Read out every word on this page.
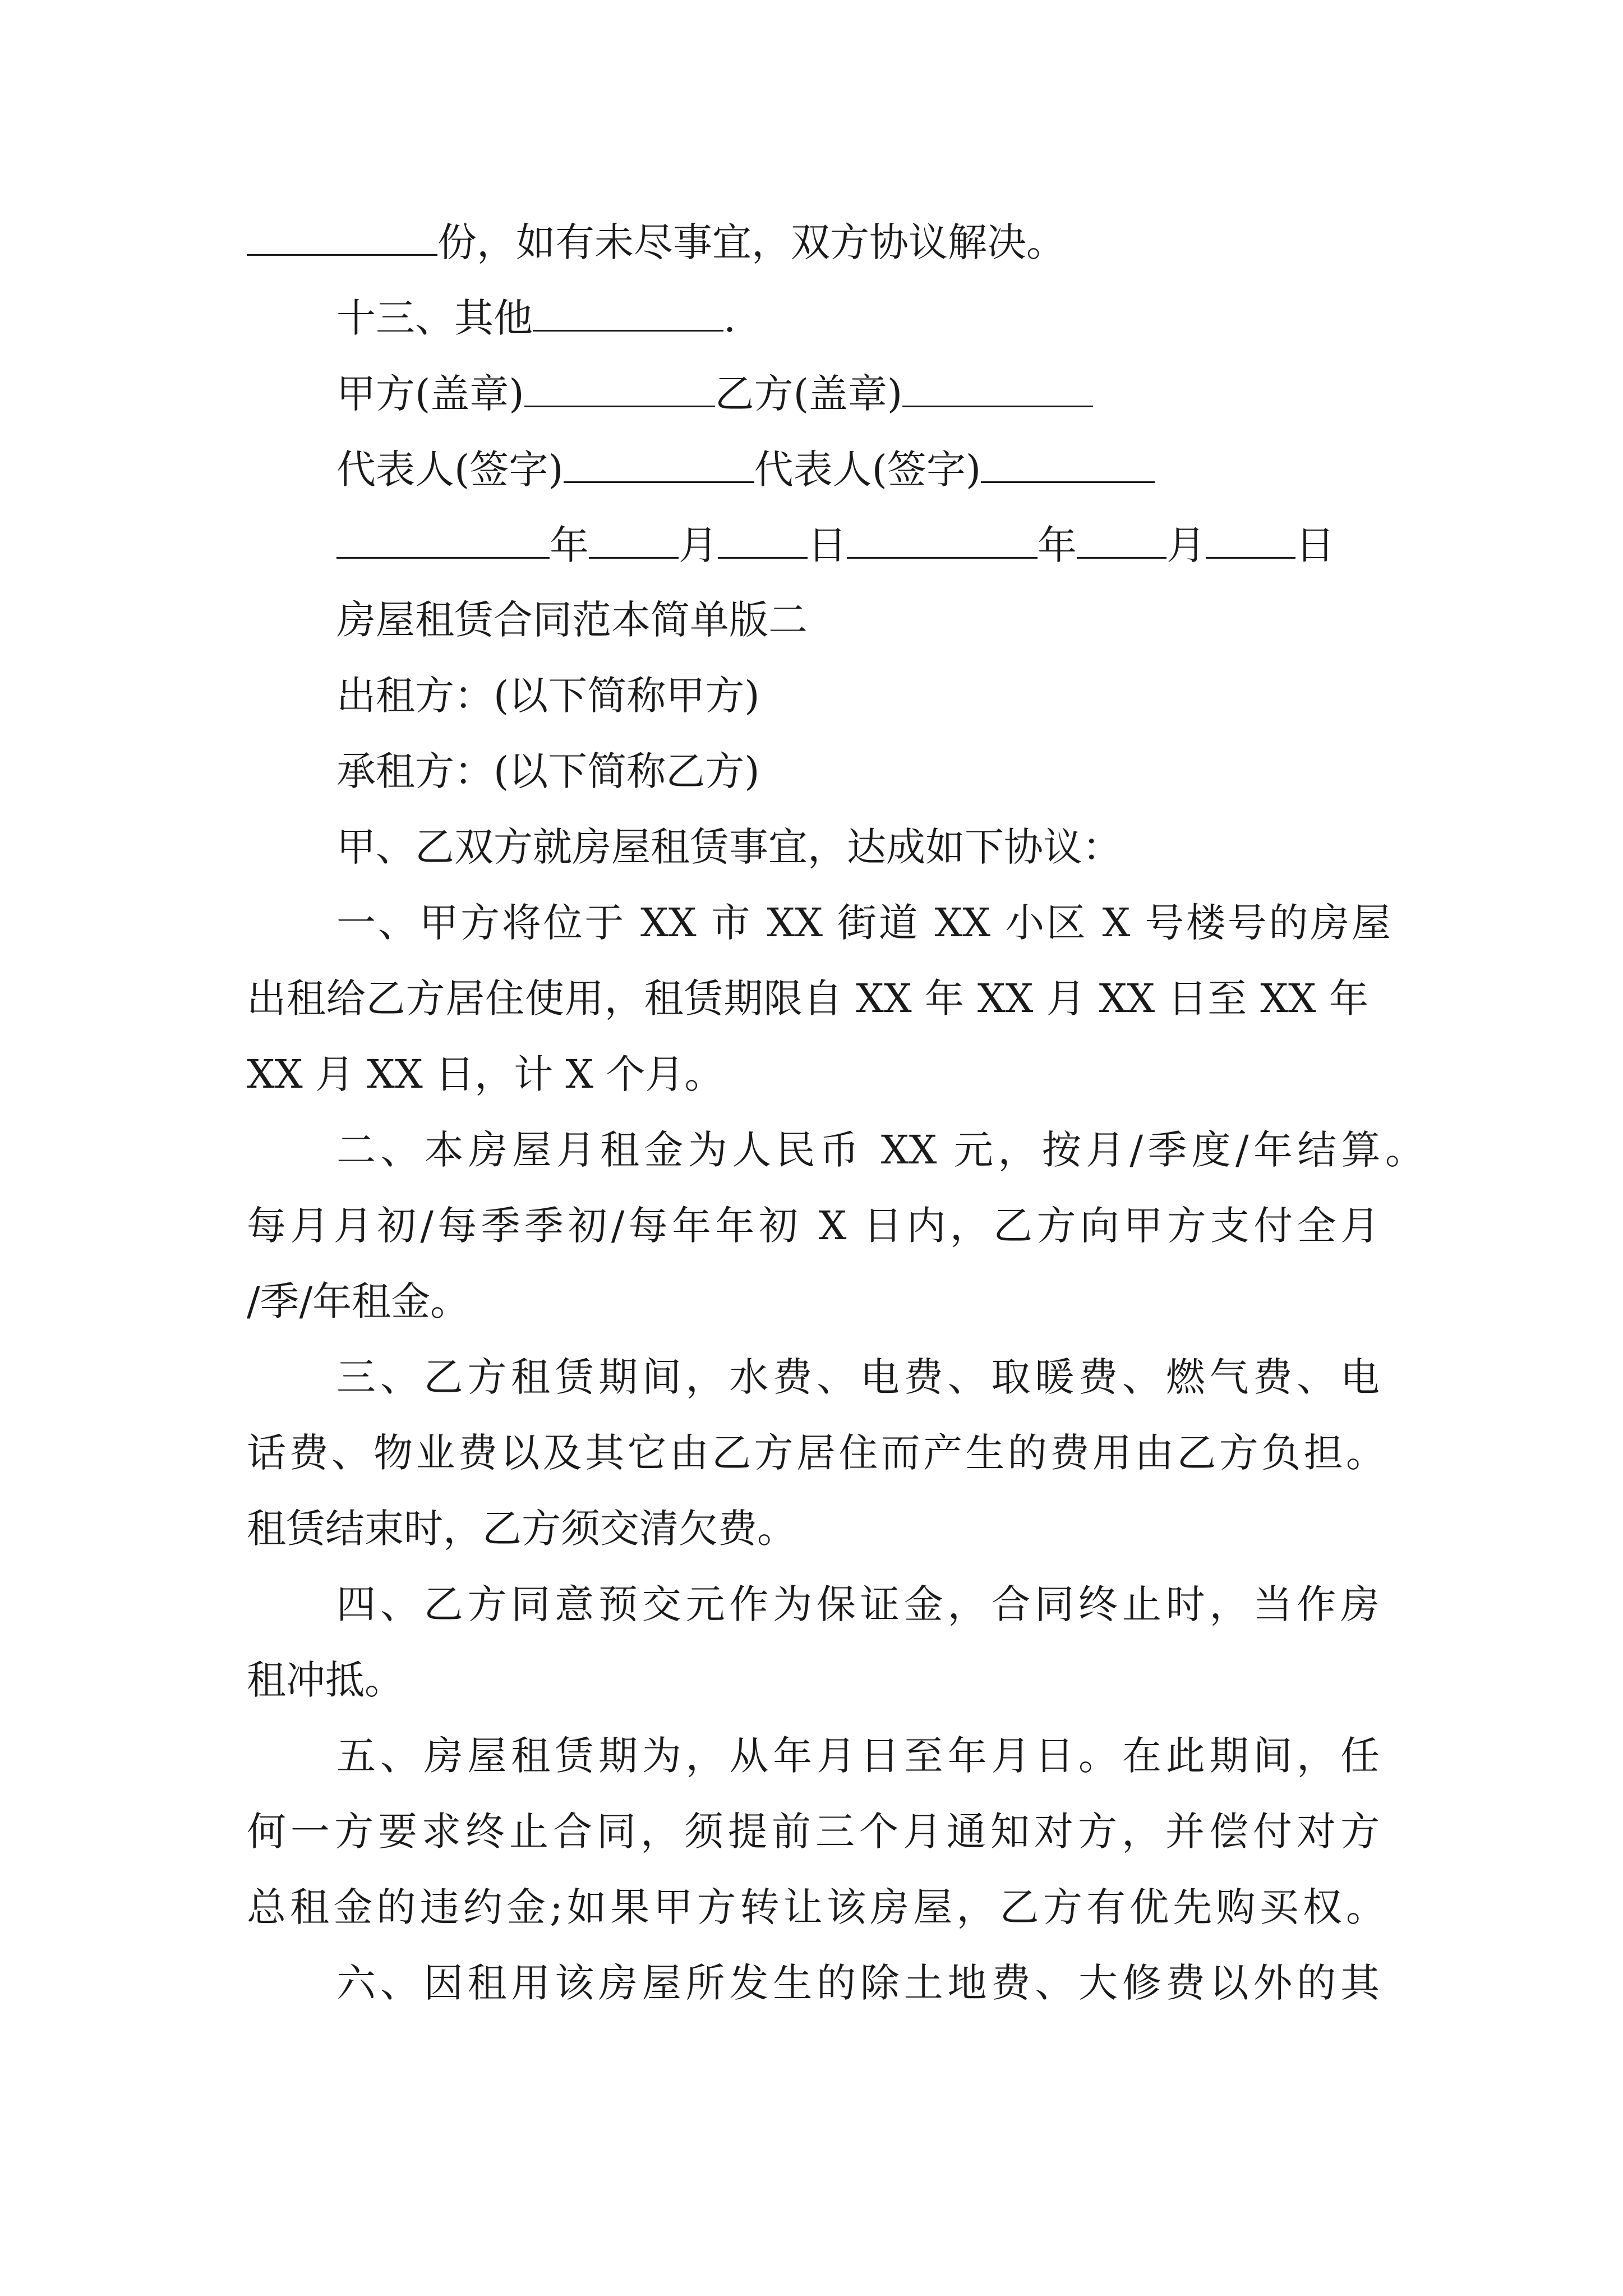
份，如有未尽事宜，双方协议解决。
十三、其他	.
甲方(盖章)	乙方(盖章)
代表人(签字)	代表人(签字)
年 月 日	年 月 日
房屋租赁合同范本简单版二
出租方：(以下简称甲方)
承租方：(以下简称乙方)
甲、乙双方就房屋租赁事宜，达成如下协议：
一、甲方将位于 XX 市 XX 街道 XX 小区 X 号楼号的房屋
出租给乙方居住使用，租赁期限自 XX 年 XX 月 XX 日至 XX 年
XX 月 XX 日，计 X 个月。
二、本房屋月租金为人民币 XX 元，按月/季度/年结算。
每月月初/每季季初/每年年初 X 日内，乙方向甲方支付全月
/季/年租金。
三、乙方租赁期间，水费、电费、取暖费、燃气费、电
话费、物业费以及其它由乙方居住而产生的费用由乙方负担。
租赁结束时，乙方须交清欠费。
四、乙方同意预交元作为保证金，合同终止时，当作房
租冲抵。
五、房屋租赁期为，从年月日至年月日。在此期间，任
何一方要求终止合同，须提前三个月通知对方，并偿付对方
总租金的违约金;如果甲方转让该房屋，乙方有优先购买权。
六、因租用该房屋所发生的除土地费、大修费以外的其
